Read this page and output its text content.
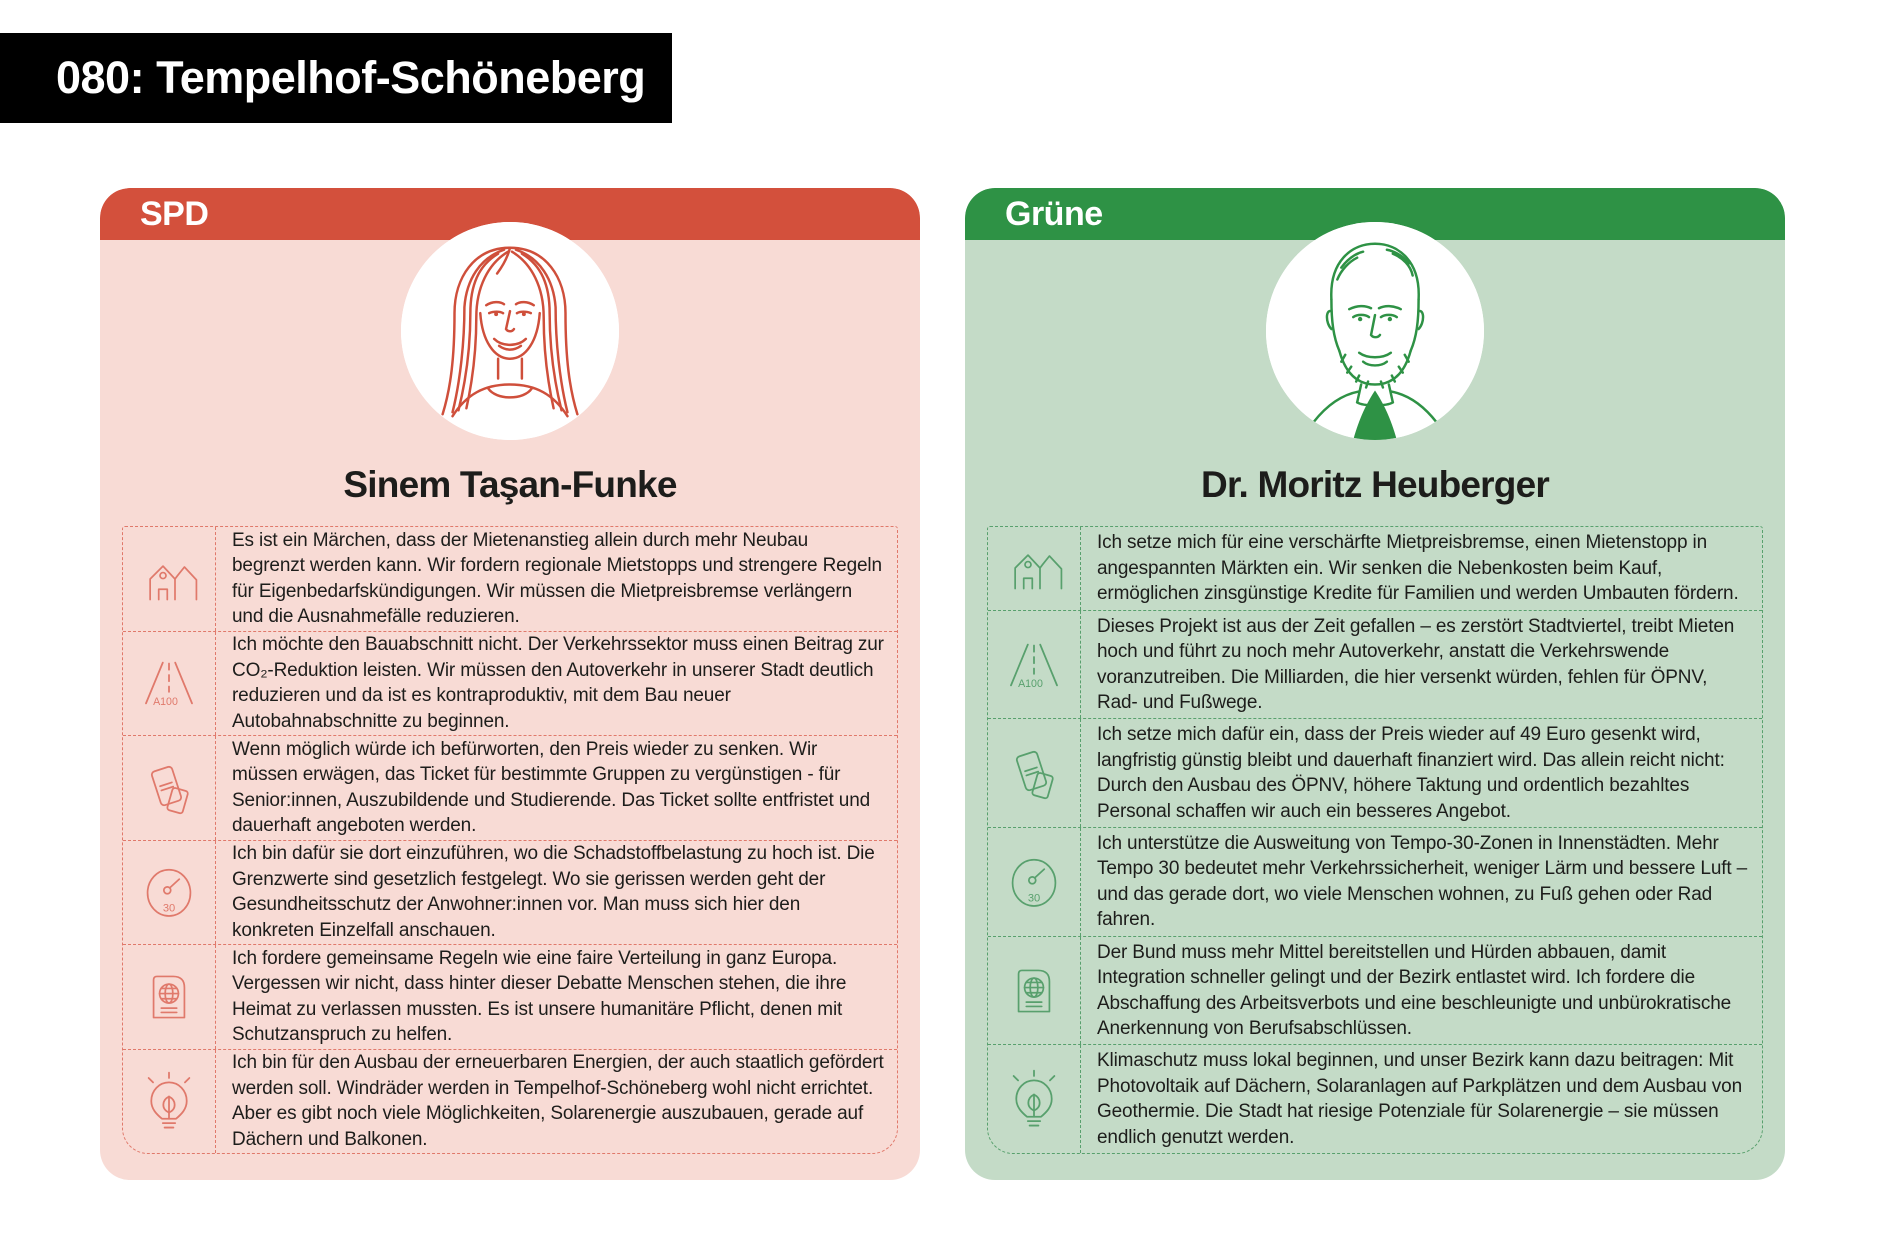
080: Tempelhof-Schöneberg
SPD
Sinem Taşan-Funke

Es ist ein Märchen, dass der Mietenanstieg allein durch mehr Neubau begrenzt werden kann. Wir fordern regionale Mietstopps und strengere Regeln für Eigenbedarfskündigungen. Wir müssen die Mietpreisbremse verlängern und die Ausnahmefälle reduzieren.

Ich möchte den Bauabschnitt nicht. Der Verkehrssektor muss einen Beitrag zur CO₂-Reduktion leisten. Wir müssen den Autoverkehr in unserer Stadt deutlich reduzieren und da ist es kontraproduktiv, mit dem Bau neuer Autobahnabschnitte zu beginnen.

Wenn möglich würde ich befürworten, den Preis wieder zu senken. Wir müssen erwägen, das Ticket für bestimmte Gruppen zu vergünstigen - für Senior:innen, Auszubildende und Studierende. Das Ticket sollte entfristet und dauerhaft angeboten werden.

Ich bin dafür sie dort einzuführen, wo die Schadstoffbelastung zu hoch ist. Die Grenzwerte sind gesetzlich festgelegt. Wo sie gerissen werden geht der Gesundheitsschutz der Anwohner:innen vor. Man muss sich hier den konkreten Einzelfall anschauen.

Ich fordere gemeinsame Regeln wie eine faire Verteilung in ganz Europa. Vergessen wir nicht, dass hinter dieser Debatte Menschen stehen, die ihre Heimat zu verlassen mussten. Es ist unsere humanitäre Pflicht, denen mit Schutzanspruch zu helfen.

Ich bin für den Ausbau der erneuerbaren Energien, der auch staatlich gefördert werden soll. Windräder werden in Tempelhof-Schöneberg wohl nicht errichtet. Aber es gibt noch viele Möglichkeiten, Solarenergie auszubauen, gerade auf Dächern und Balkonen.

Grüne
Dr. Moritz Heuberger

Ich setze mich für eine verschärfte Mietpreisbremse, einen Mietenstopp in angespannten Märkten ein. Wir senken die Nebenkosten beim Kauf, ermöglichen zinsgünstige Kredite für Familien und werden Umbauten fördern.

Dieses Projekt ist aus der Zeit gefallen – es zerstört Stadtviertel, treibt Mieten hoch und führt zu noch mehr Autoverkehr, anstatt die Verkehrswende voranzutreiben. Die Milliarden, die hier versenkt würden, fehlen für ÖPNV, Rad- und Fußwege.

Ich setze mich dafür ein, dass der Preis wieder auf 49 Euro gesenkt wird, langfristig günstig bleibt und dauerhaft finanziert wird. Das allein reicht nicht: Durch den Ausbau des ÖPNV, höhere Taktung und ordentlich bezahltes Personal schaffen wir auch ein besseres Angebot.

Ich unterstütze die Ausweitung von Tempo-30-Zonen in Innenstädten. Mehr Tempo 30 bedeutet mehr Verkehrssicherheit, weniger Lärm und bessere Luft – und das gerade dort, wo viele Menschen wohnen, zu Fuß gehen oder Rad fahren.

Der Bund muss mehr Mittel bereitstellen und Hürden abbauen, damit Integration schneller gelingt und der Bezirk entlastet wird. Ich fordere die Abschaffung des Arbeitsverbots und eine beschleunigte und unbürokratische Anerkennung von Berufsabschlüssen.

Klimaschutz muss lokal beginnen, und unser Bezirk kann dazu beitragen: Mit Photovoltaik auf Dächern, Solaranlagen auf Parkplätzen und dem Ausbau von Geothermie. Die Stadt hat riesige Potenziale für Solarenergie – sie müssen endlich genutzt werden.
